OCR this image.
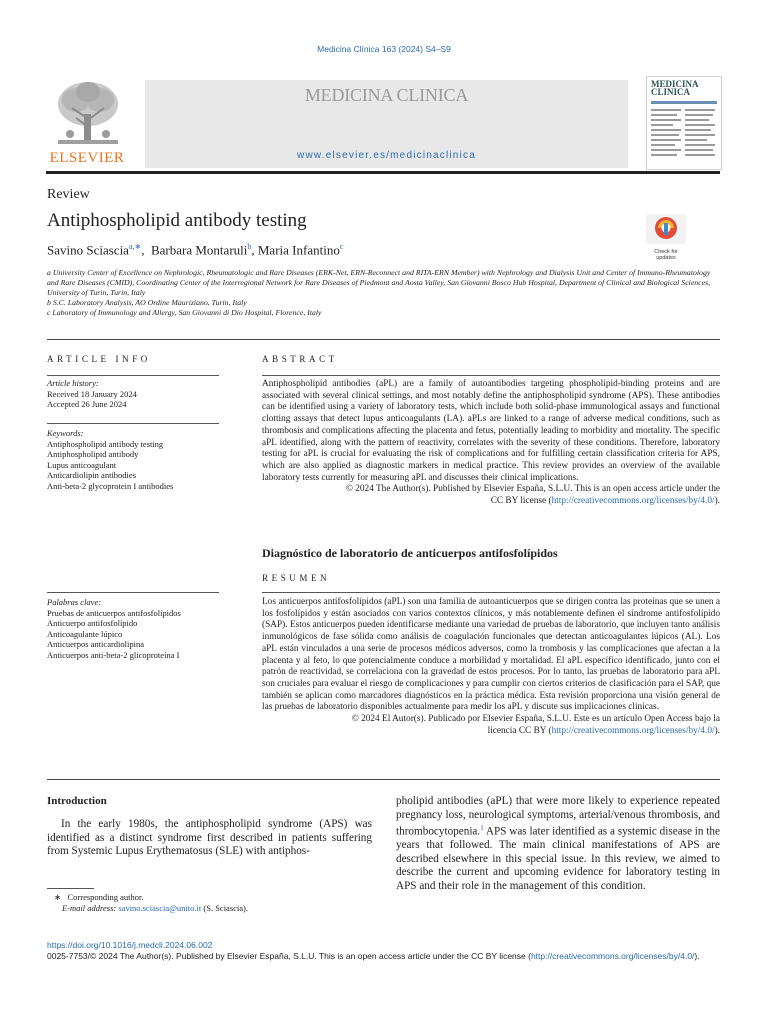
Medicina Clínica 163 (2024) S4–S9
ELSEVIER
MEDICINA CLINICA
www.elsevier.es/medicinaclinica
MEDICINA CLINICA
Review
Antiphospholipid antibody testing
Savino Sciascia$^{a,∗}$,  Barbara Montaruli$^b$, Maria Infantino$^c$
Check for updates
a University Center of Excellence on Nephrologic, Rheumatologic and Rare Diseases (ERK-Net, ERN-Reconnect and RITA-ERN Member) with Nephrology and Dialysis Unit and Center of Immuno-Rheumatology and Rare Diseases (CMID), Coordinating Center of the Interregional Network for Rare Diseases of Piedmont and Aosta Valley, San Giovanni Bosco Hub Hospital, Department of Clinical and Biological Sciences, University of Turin, Turin, Italy
b S.C. Laboratory Analysis, AO Ordine Mauriziano, Turin, Italy
c Laboratory of Immunology and Allergy, San Giovanni di Dio Hospital, Florence, Italy
ARTICLE INFO
Article history:
Received 18 January 2024
Accepted 26 June 2024
Keywords:
Antiphospholipid antibody testing
Antiphospholipid antibody
Lupus anticoagulant
Anticardiolipin antibodies
Anti-beta-2 glycoprotein I antibodies
Palabras clave:
Pruebas de anticuerpos antifosfolípidos
Anticuerpo antifosfolípido
Anticoagulante lúpico
Anticuerpos anticardiolipina
Anticuerpos anti-beta-2 glicoproteína I
ABSTRACT
Antiphospholipid antibodies (aPL) are a family of autoantibodies targeting phospholipid-binding proteins and are associated with several clinical settings, and most notably define the antiphospholipid syndrome (APS). These antibodies can be identified using a variety of laboratory tests, which include both solid-phase immunological assays and functional clotting assays that detect lupus anticoagulants (LA). aPLs are linked to a range of adverse medical conditions, such as thrombosis and complications affecting the placenta and fetus, potentially leading to morbidity and mortality. The specific aPL identified, along with the pattern of reactivity, correlates with the severity of these conditions. Therefore, laboratory testing for aPL is crucial for evaluating the risk of complications and for fulfilling certain classification criteria for APS, which are also applied as diagnostic markers in medical practice. This review provides an overview of the available laboratory tests currently for measuring aPL and discusses their clinical implications.
© 2024 The Author(s). Published by Elsevier España, S.L.U. This is an open access article under the
CC BY license (http://creativecommons.org/licenses/by/4.0/).
Diagnóstico de laboratorio de anticuerpos antifosfolípidos
RESUMEN
Los anticuerpos antifosfolípidos (aPL) son una familia de autoanticuerpos que se dirigen contra las proteínas que se unen a los fosfolípidos y están asociados con varios contextos clínicos, y más notablemente definen el síndrome antifosfolípido (SAP). Estos anticuerpos pueden identificarse mediante una variedad de pruebas de laboratorio, que incluyen tanto análisis inmunológicos de fase sólida como análisis de coagulación funcionales que detectan anticoagulantes lúpicos (AL). Los aPL están vinculados a una serie de procesos médicos adversos, como la trombosis y las complicaciones que afectan a la placenta y al feto, lo que potencialmente conduce a morbilidad y mortalidad. El aPL específico identificado, junto con el patrón de reactividad, se correlaciona con la gravedad de estos procesos. Por lo tanto, las pruebas de laboratorio para aPL son cruciales para evaluar el riesgo de complicaciones y para cumplir con ciertos criterios de clasificación para el SAP, que también se aplican como marcadores diagnósticos en la práctica médica. Esta revisión proporciona una visión general de las pruebas de laboratorio disponibles actualmente para medir los aPL y discute sus implicaciones clínicas.
© 2024 El Autor(s). Publicado por Elsevier España, S.L.U. Este es un artículo Open Access bajo la
licencia CC BY (http://creativecommons.org/licenses/by/4.0/).
Introduction
In the early 1980s, the antiphospholipid syndrome (APS) was identified as a distinct syndrome first described in patients suffering from Systemic Lupus Erythematosus (SLE) with antiphos-
pholipid antibodies (aPL) that were more likely to experience repeated pregnancy loss, neurological symptoms, arterial/venous thrombosis, and thrombocytopenia.$^1$ APS was later identified as a systemic disease in the years that followed. The main clinical manifestations of APS are described elsewhere in this special issue. In this review, we aimed to describe the current and upcoming evidence for laboratory testing in APS and their role in the management of this condition.
∗ Corresponding author.
E-mail address: savino.sciascia@unito.it (S. Sciascia).
https://doi.org/10.1016/j.medcli.2024.06.002
0025-7753/© 2024 The Author(s). Published by Elsevier España, S.L.U. This is an open access article under the CC BY license (http://creativecommons.org/licenses/by/4.0/).
